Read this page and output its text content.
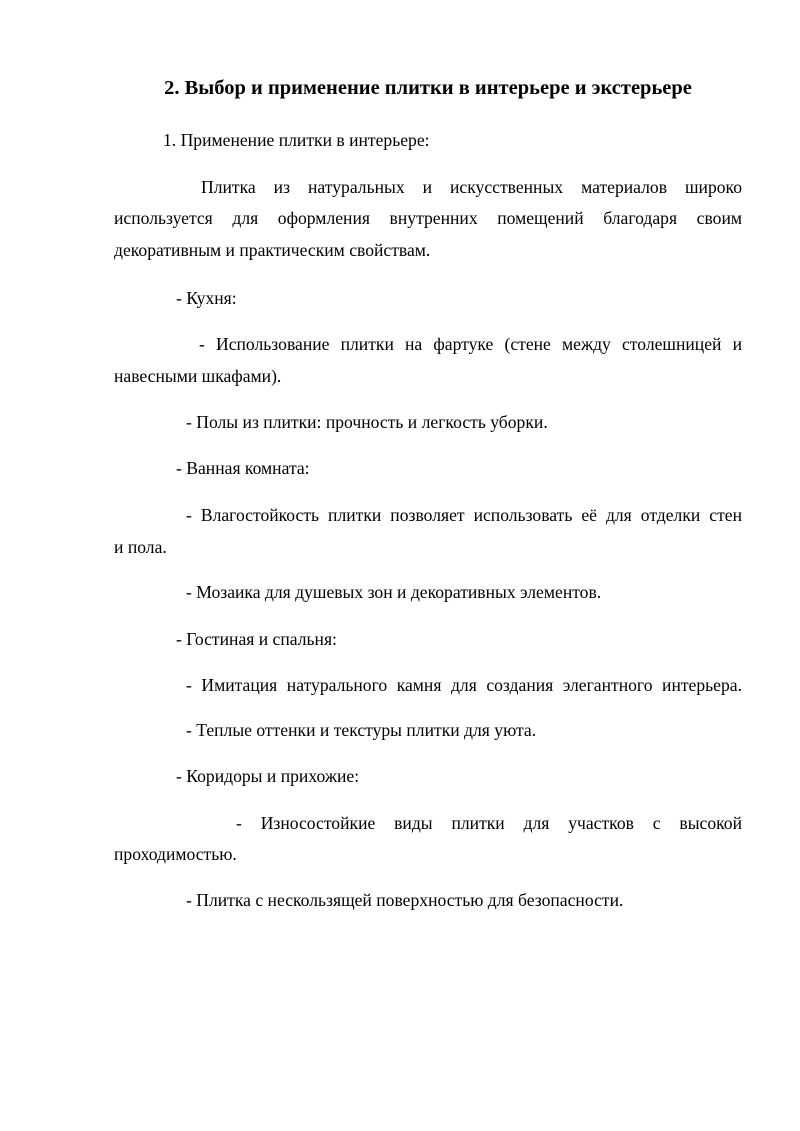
2. Выбор и применение плитки в интерьере и экстерьере
1. Применение плитки в интерьере:
Плитка из натуральных и искусственных материалов широко
используется для оформления внутренних помещений благодаря своим
декоративным и практическим свойствам.
- Кухня:
- Использование плитки на фартуке (стене между столешницей и
навесными шкафами).
- Полы из плитки: прочность и легкость уборки.
- Ванная комната:
- Влагостойкость плитки позволяет использовать её для отделки стен
и пола.
- Мозаика для душевых зон и декоративных элементов.
- Гостиная и спальня:
- Имитация натурального камня для создания элегантного интерьера.
- Теплые оттенки и текстуры плитки для уюта.
- Коридоры и прихожие:
- Износостойкие виды плитки для участков с высокой
проходимостью.
- Плитка с нескользящей поверхностью для безопасности.
